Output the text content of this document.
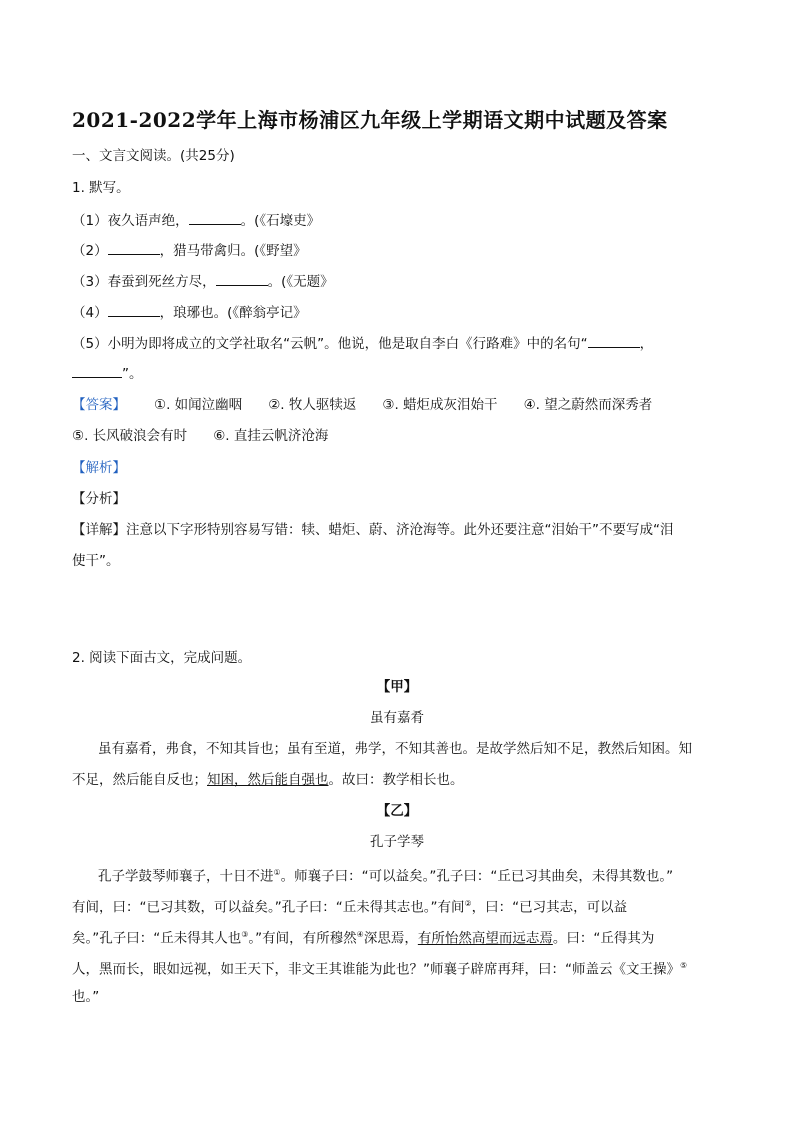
2021-2022学年上海市杨浦区九年级上学期语文期中试题及答案
一、文言文阅读。(共25分)
1. 默写。
（1）夜久语声绝，	。(《石壕吏》
（2）	，猎马带禽归。(《野望》
（3）春蚕到死丝方尽，	。(《无题》
（4）	，琅琊也。(《醉翁亭记》
（5）小明为即将成立的文学社取名“云帆”。他说，他是取自李白《行路难》中的名句“	，
”。
【答案】 ①. 如闻泣幽咽 ②. 牧人驱犊返 ③. 蜡炬成灰泪始干 ④. 望之蔚然而深秀者
⑤. 长风破浪会有时 ⑥. 直挂云帆济沧海
【解析】
【分析】
【详解】注意以下字形特别容易写错：犊、蜡炬、蔚、济沧海等。此外还要注意“泪始干”不要写成“泪
使干”。
2. 阅读下面古文，完成问题。
【甲】
虽有嘉肴
虽有嘉肴，弗食，不知其旨也；虽有至道，弗学，不知其善也。是故学然后知不足，教然后知困。知
不足，然后能自反也；知困，然后能自强也。故曰：教学相长也。
【乙】
孔子学琴
孔子学鼓琴师襄子，十日不进①。师襄子曰：“可以益矣。”孔子曰：“丘已习其曲矣，未得其数也。”
有间，曰：“已习其数，可以益矣。”孔子曰：“丘未得其志也。”有间②，曰：“已习其志，可以益
矣。”孔子曰：“丘未得其人也③。”有间，有所穆然④深思焉，有所怡然高望而远志焉。曰：“丘得其为
人，黑而长，眼如远视，如王天下，非文王其谁能为此也？”师襄子辟席再拜，曰：“师盖云《文王操》⑤
也。”
